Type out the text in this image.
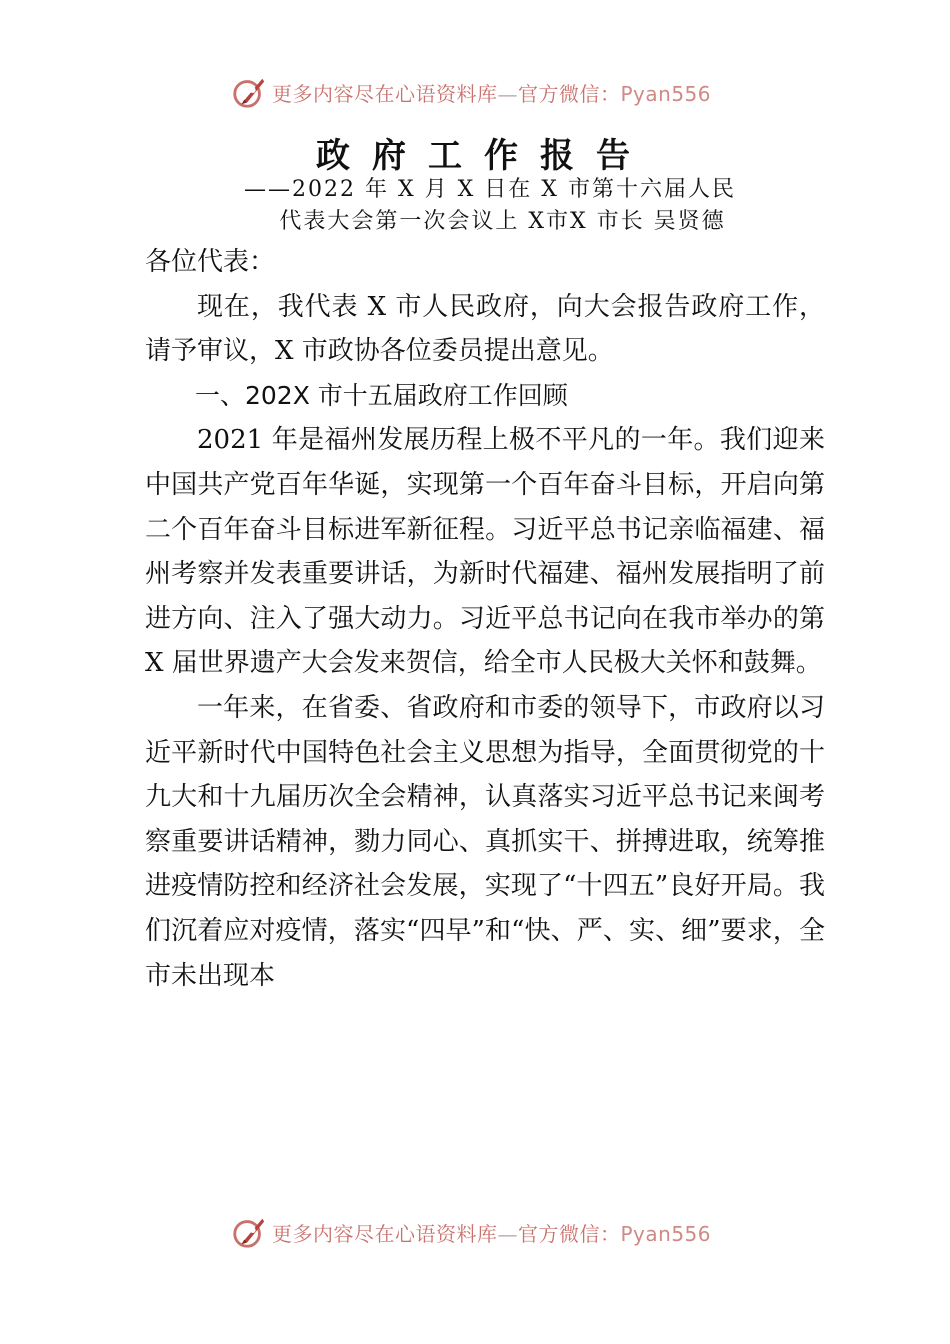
更多内容尽在心语资料库—官方微信：Pyan556
政府工作报告
——2022 年 X 月 X 日在 X 市第十六届人民
代表大会第一次会议上 X市X 市长 吴贤德

各位代表：

现在，我代表 X 市人民政府，向大会报告政府工作，请予审议，X 市政协各位委员提出意见。

一、202X 市十五届政府工作回顾

2021 年是福州发展历程上极不平凡的一年。我们迎来中国共产党百年华诞，实现第一个百年奋斗目标，开启向第二个百年奋斗目标进军新征程。习近平总书记亲临福建、福州考察并发表重要讲话，为新时代福建、福州发展指明了前进方向、注入了强大动力。习近平总书记向在我市举办的第 X 届世界遗产大会发来贺信，给全市人民极大关怀和鼓舞。

一年来，在省委、省政府和市委的领导下，市政府以习近平新时代中国特色社会主义思想为指导，全面贯彻党的十九大和十九届历次全会精神，认真落实习近平总书记来闽考察重要讲话精神，勠力同心、真抓实干、拼搏进取，统筹推进疫情防控和经济社会发展，实现了“十四五”良好开局。我们沉着应对疫情，落实“四早”和“快、严、实、细”要求，全市未出现本

更多内容尽在心语资料库—官方微信：Pyan556
